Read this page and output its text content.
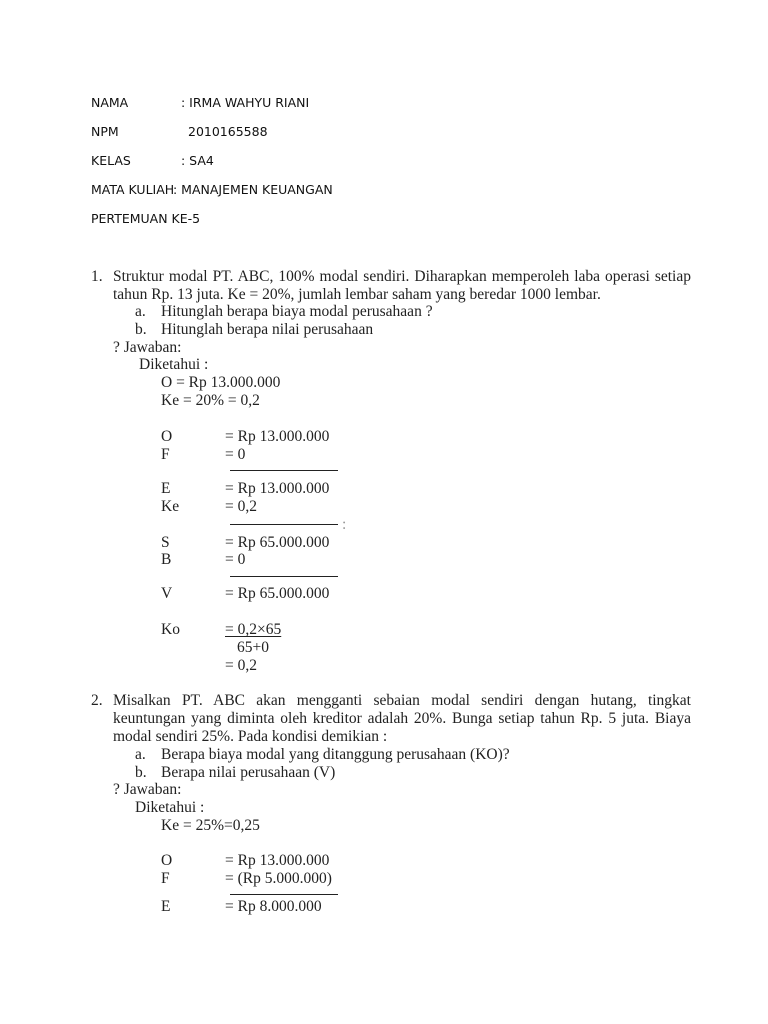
NAMA	: IRMA WAHYU RIANI
NPM	2010165588
KELAS	: SA4
MATA KULIAH
: MANAJEMEN KEUANGAN
PERTEMUAN KE-5
1. Struktur modal PT. ABC, 100% modal sendiri. Diharapkan memperoleh laba operasi setiap
tahun Rp. 13 juta. Ke = 20%, jumlah lembar saham yang beredar 1000 lembar.
a. Hitunglah berapa biaya modal perusahaan ?
b. Hitunglah berapa nilai perusahaan
? Jawaban:
Diketahui :
O = Rp 13.000.000
Ke = 20% = 0,2
O	= Rp 13.000.000
F	= 0
E	= Rp 13.000.000
Ke	= 0,2
:
S	= Rp 65.000.000
B	= 0
V	= Rp 65.000.000
Ko	= 0,2×65
65+0
= 0,2
2. Misalkan PT. ABC akan mengganti sebaian modal sendiri dengan hutang, tingkat
keuntungan yang diminta oleh kreditor adalah 20%. Bunga setiap tahun Rp. 5 juta. Biaya
modal sendiri 25%. Pada kondisi demikian :
a. Berapa biaya modal yang ditanggung perusahaan (KO)?
b. Berapa nilai perusahaan (V)
? Jawaban:
Diketahui :
Ke = 25%=0,25
O	= Rp 13.000.000
F	= (Rp 5.000.000)
E	= Rp 8.000.000
